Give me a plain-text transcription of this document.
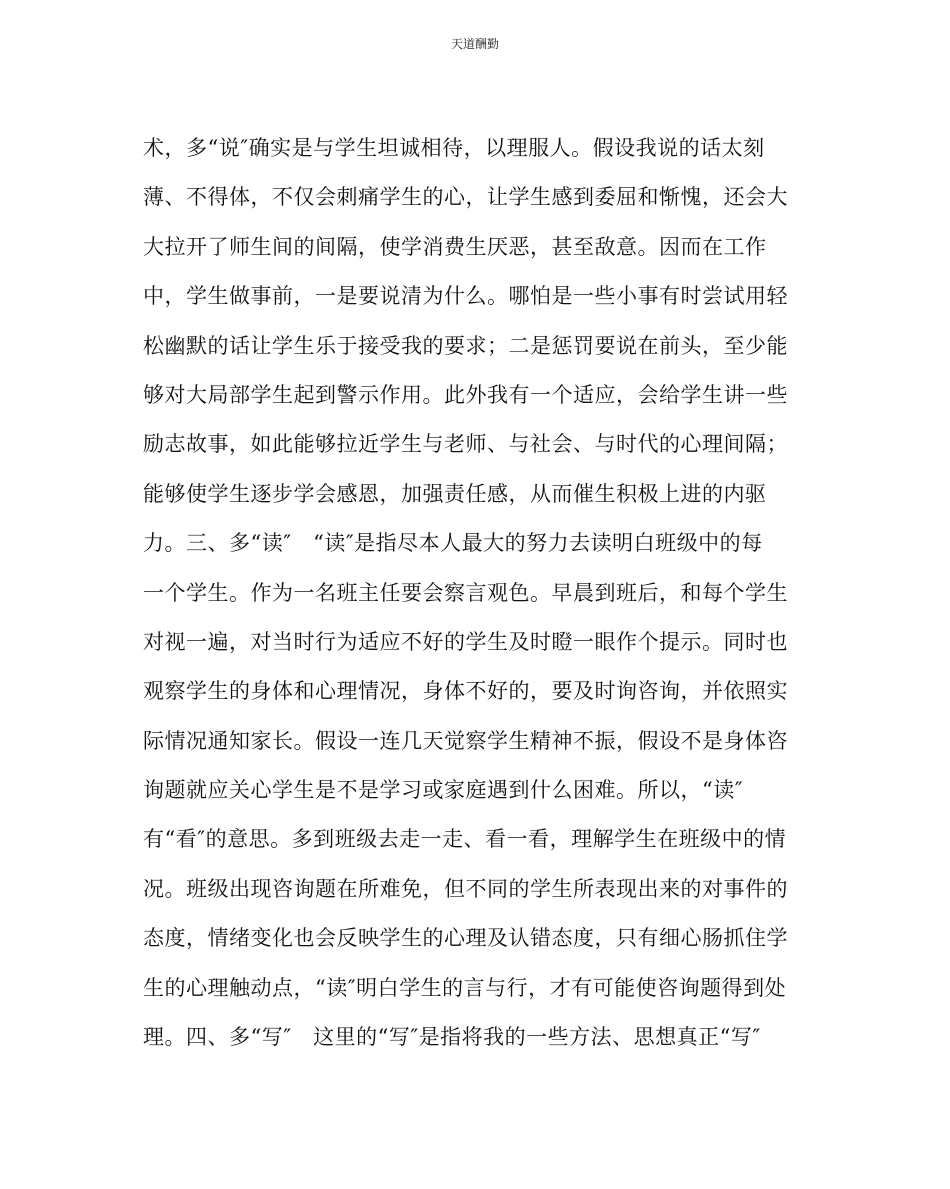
天道酬勤
术，多“说″确实是与学生坦诚相待，以理服人。假设我说的话太刻
薄、不得体，不仅会刺痛学生的心，让学生感到委屈和惭愧，还会大
大拉开了师生间的间隔，使学消费生厌恶，甚至敌意。因而在工作
中，学生做事前，一是要说清为什么。哪怕是一些小事有时尝试用轻
松幽默的话让学生乐于接受我的要求；二是惩罚要说在前头，至少能
够对大局部学生起到警示作用。此外我有一个适应，会给学生讲一些
励志故事，如此能够拉近学生与老师、与社会、与时代的心理间隔；
能够使学生逐步学会感恩，加强责任感，从而催生积极上进的内驱
力。三、多“读″　“读″是指尽本人最大的努力去读明白班级中的每
一个学生。作为一名班主任要会察言观色。早晨到班后，和每个学生
对视一遍，对当时行为适应不好的学生及时瞪一眼作个提示。同时也
观察学生的身体和心理情况，身体不好的，要及时询咨询，并依照实
际情况通知家长。假设一连几天觉察学生精神不振，假设不是身体咨
询题就应关心学生是不是学习或家庭遇到什么困难。所以，“读″
有“看″的意思。多到班级去走一走、看一看，理解学生在班级中的情
况。班级出现咨询题在所难免，但不同的学生所表现出来的对事件的
态度，情绪变化也会反映学生的心理及认错态度，只有细心肠抓住学
生的心理触动点，“读″明白学生的言与行，才有可能使咨询题得到处
理。四、多“写″　这里的“写″是指将我的一些方法、思想真正“写″
